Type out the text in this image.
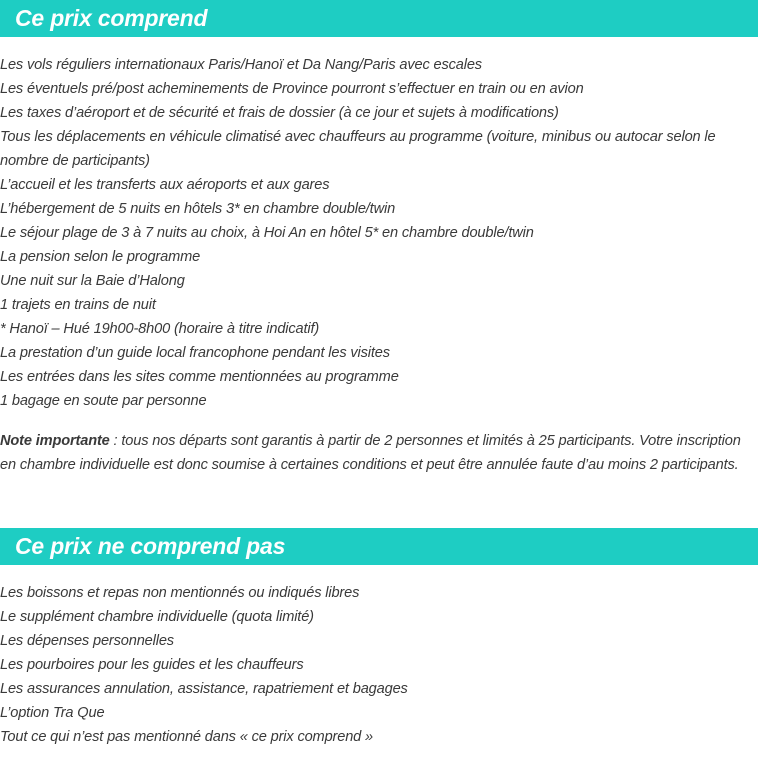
Ce prix comprend
Les vols réguliers internationaux Paris/Hanoï et Da Nang/Paris avec escales
Les éventuels pré/post acheminements de Province pourront s’effectuer en train ou en avion
Les taxes d’aéroport et de sécurité et frais de dossier (à ce jour et sujets à modifications)
Tous les déplacements en véhicule climatisé avec chauffeurs au programme (voiture, minibus ou autocar selon le nombre de participants)
L’accueil et les transferts aux aéroports et aux gares
L’hébergement de 5 nuits en hôtels 3* en chambre double/twin
Le séjour plage de 3 à 7 nuits au choix, à Hoi An en hôtel 5* en chambre double/twin
La pension selon le programme
Une nuit sur la Baie d’Halong
1 trajets en trains de nuit
* Hanoï – Hué 19h00-8h00 (horaire à titre indicatif)
La prestation d’un guide local francophone pendant les visites
Les entrées dans les sites comme mentionnées au programme
1 bagage en soute par personne

Note importante : tous nos départs sont garantis à partir de 2 personnes et limités à 25 participants. Votre inscription en chambre individuelle est donc soumise à certaines conditions et peut être annulée faute d’au moins 2 participants.

Ce prix ne comprend pas
Les boissons et repas non mentionnés ou indiqués libres
Le supplément chambre individuelle (quota limité)
Les dépenses personnelles
Les pourboires pour les guides et les chauffeurs
Les assurances annulation, assistance, rapatriement et bagages
L’option Tra Que
Tout ce qui n’est pas mentionné dans « ce prix comprend »
